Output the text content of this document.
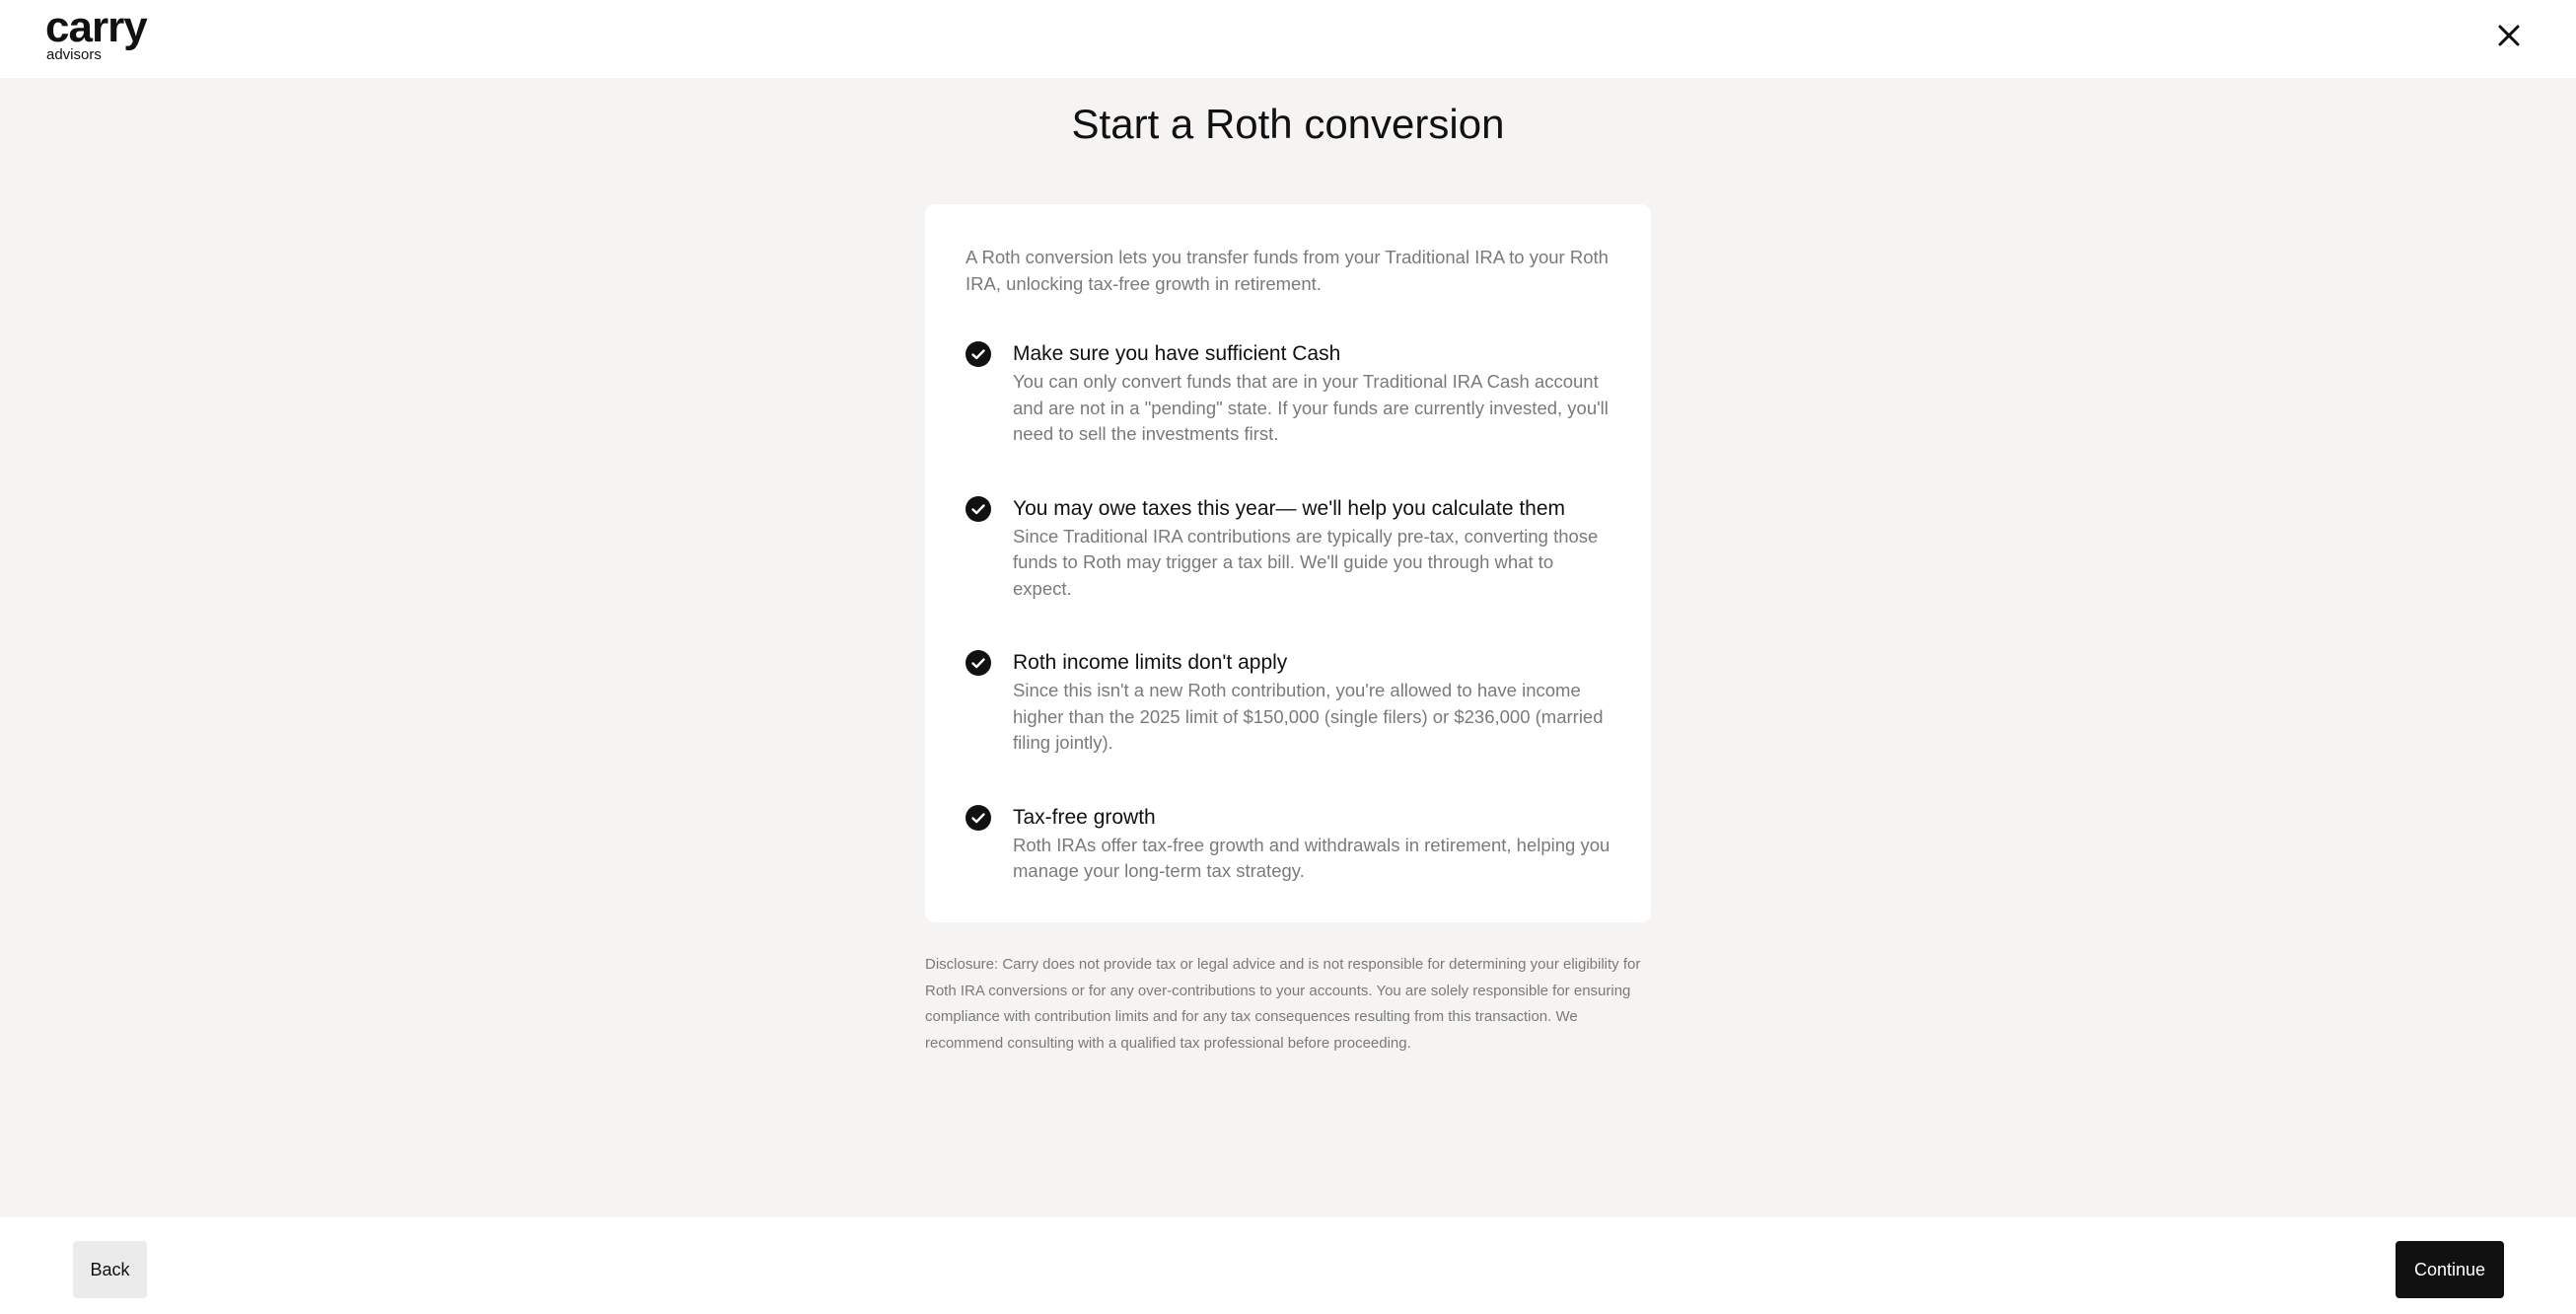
carry
advisors
Start a Roth conversion

A Roth conversion lets you transfer funds from your Traditional IRA to your Roth IRA, unlocking tax-free growth in retirement.

Make sure you have sufficient Cash
You can only convert funds that are in your Traditional IRA Cash account and are not in a "pending" state. If your funds are currently invested, you'll need to sell the investments first.
You may owe taxes this year— we'll help you calculate them
Since Traditional IRA contributions are typically pre-tax, converting those funds to Roth may trigger a tax bill. We'll guide you through what to expect.
Roth income limits don't apply
Since this isn't a new Roth contribution, you're allowed to have income higher than the 2025 limit of $150,000 (single filers) or $236,000 (married filing jointly).
Tax-free growth
Roth IRAs offer tax-free growth and withdrawals in retirement, helping you manage your long-term tax strategy.

Disclosure: Carry does not provide tax or legal advice and is not responsible for determining your eligibility for Roth IRA conversions or for any over-contributions to your accounts. You are solely responsible for ensuring compliance with contribution limits and for any tax consequences resulting from this transaction. We recommend consulting with a qualified tax professional before proceeding.

Back	Continue
